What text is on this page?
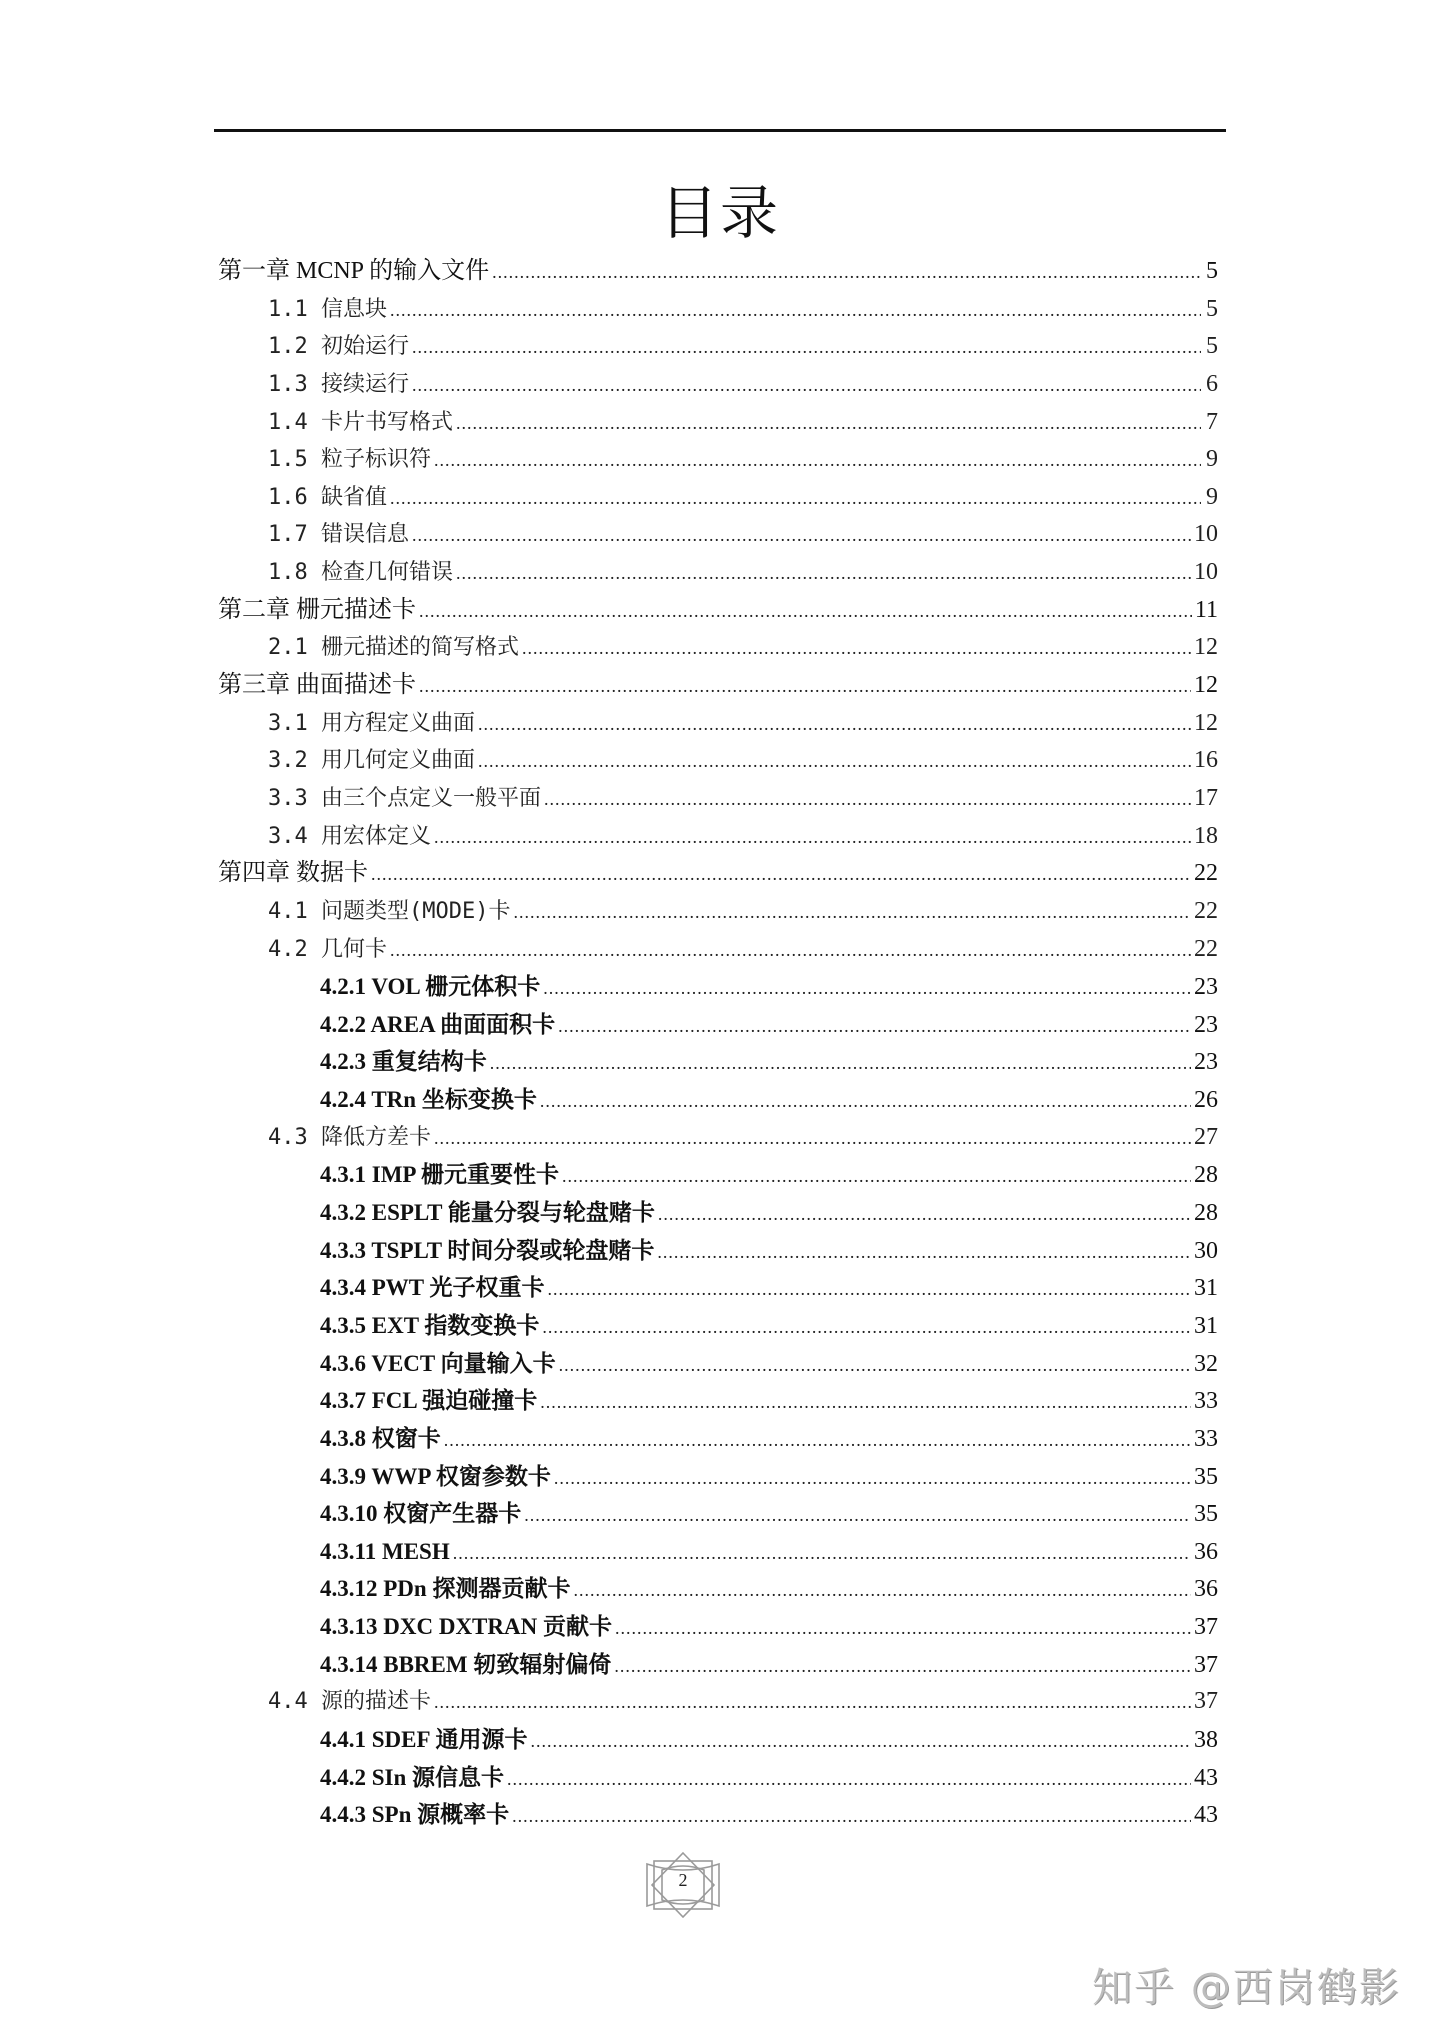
目录
第一章 MCNP 的输入文件 .....	5
1.1 信息块 .....	5
1.2 初始运行 .....	5
1.3 接续运行 .....	6
1.4 卡片书写格式 .....	7
1.5 粒子标识符 .....	9
1.6 缺省值 .....	9
1.7 错误信息 .....	10
1.8 检查几何错误 .....	10
第二章 栅元描述卡 .....	11
2.1 栅元描述的简写格式 .....	12
第三章 曲面描述卡 .....	12
3.1 用方程定义曲面 .....	12
3.2 用几何定义曲面 .....	16
3.3 由三个点定义一般平面 .....	17
3.4 用宏体定义 .....	18
第四章 数据卡 .....	22
4.1 问题类型(MODE)卡 .....	22
4.2 几何卡 .....	22
4.2.1 VOL 栅元体积卡 .....	23
4.2.2 AREA 曲面面积卡 .....	23
4.2.3 重复结构卡 .....	23
4.2.4 TRn 坐标变换卡 .....	26
4.3 降低方差卡 .....	27
4.3.1 IMP 栅元重要性卡 .....	28
4.3.2 ESPLT 能量分裂与轮盘赌卡 .....	28
4.3.3 TSPLT 时间分裂或轮盘赌卡 .....	30
4.3.4 PWT 光子权重卡 .....	31
4.3.5 EXT 指数变换卡 .....	31
4.3.6 VECT 向量输入卡 .....	32
4.3.7 FCL 强迫碰撞卡 .....	33
4.3.8 权窗卡 .....	33
4.3.9 WWP 权窗参数卡 .....	35
4.3.10 权窗产生器卡 .....	35
4.3.11 MESH .....	36
4.3.12 PDn 探测器贡献卡 .....	36
4.3.13 DXC DXTRAN 贡献卡 .....	37
4.3.14 BBREM 轫致辐射偏倚 .....	37
4.4 源的描述卡 .....	37
4.4.1 SDEF 通用源卡 .....	38
4.4.2 SIn 源信息卡 .....	43
4.4.3 SPn 源概率卡 .....	43
2
知乎 @西岗鹤影
